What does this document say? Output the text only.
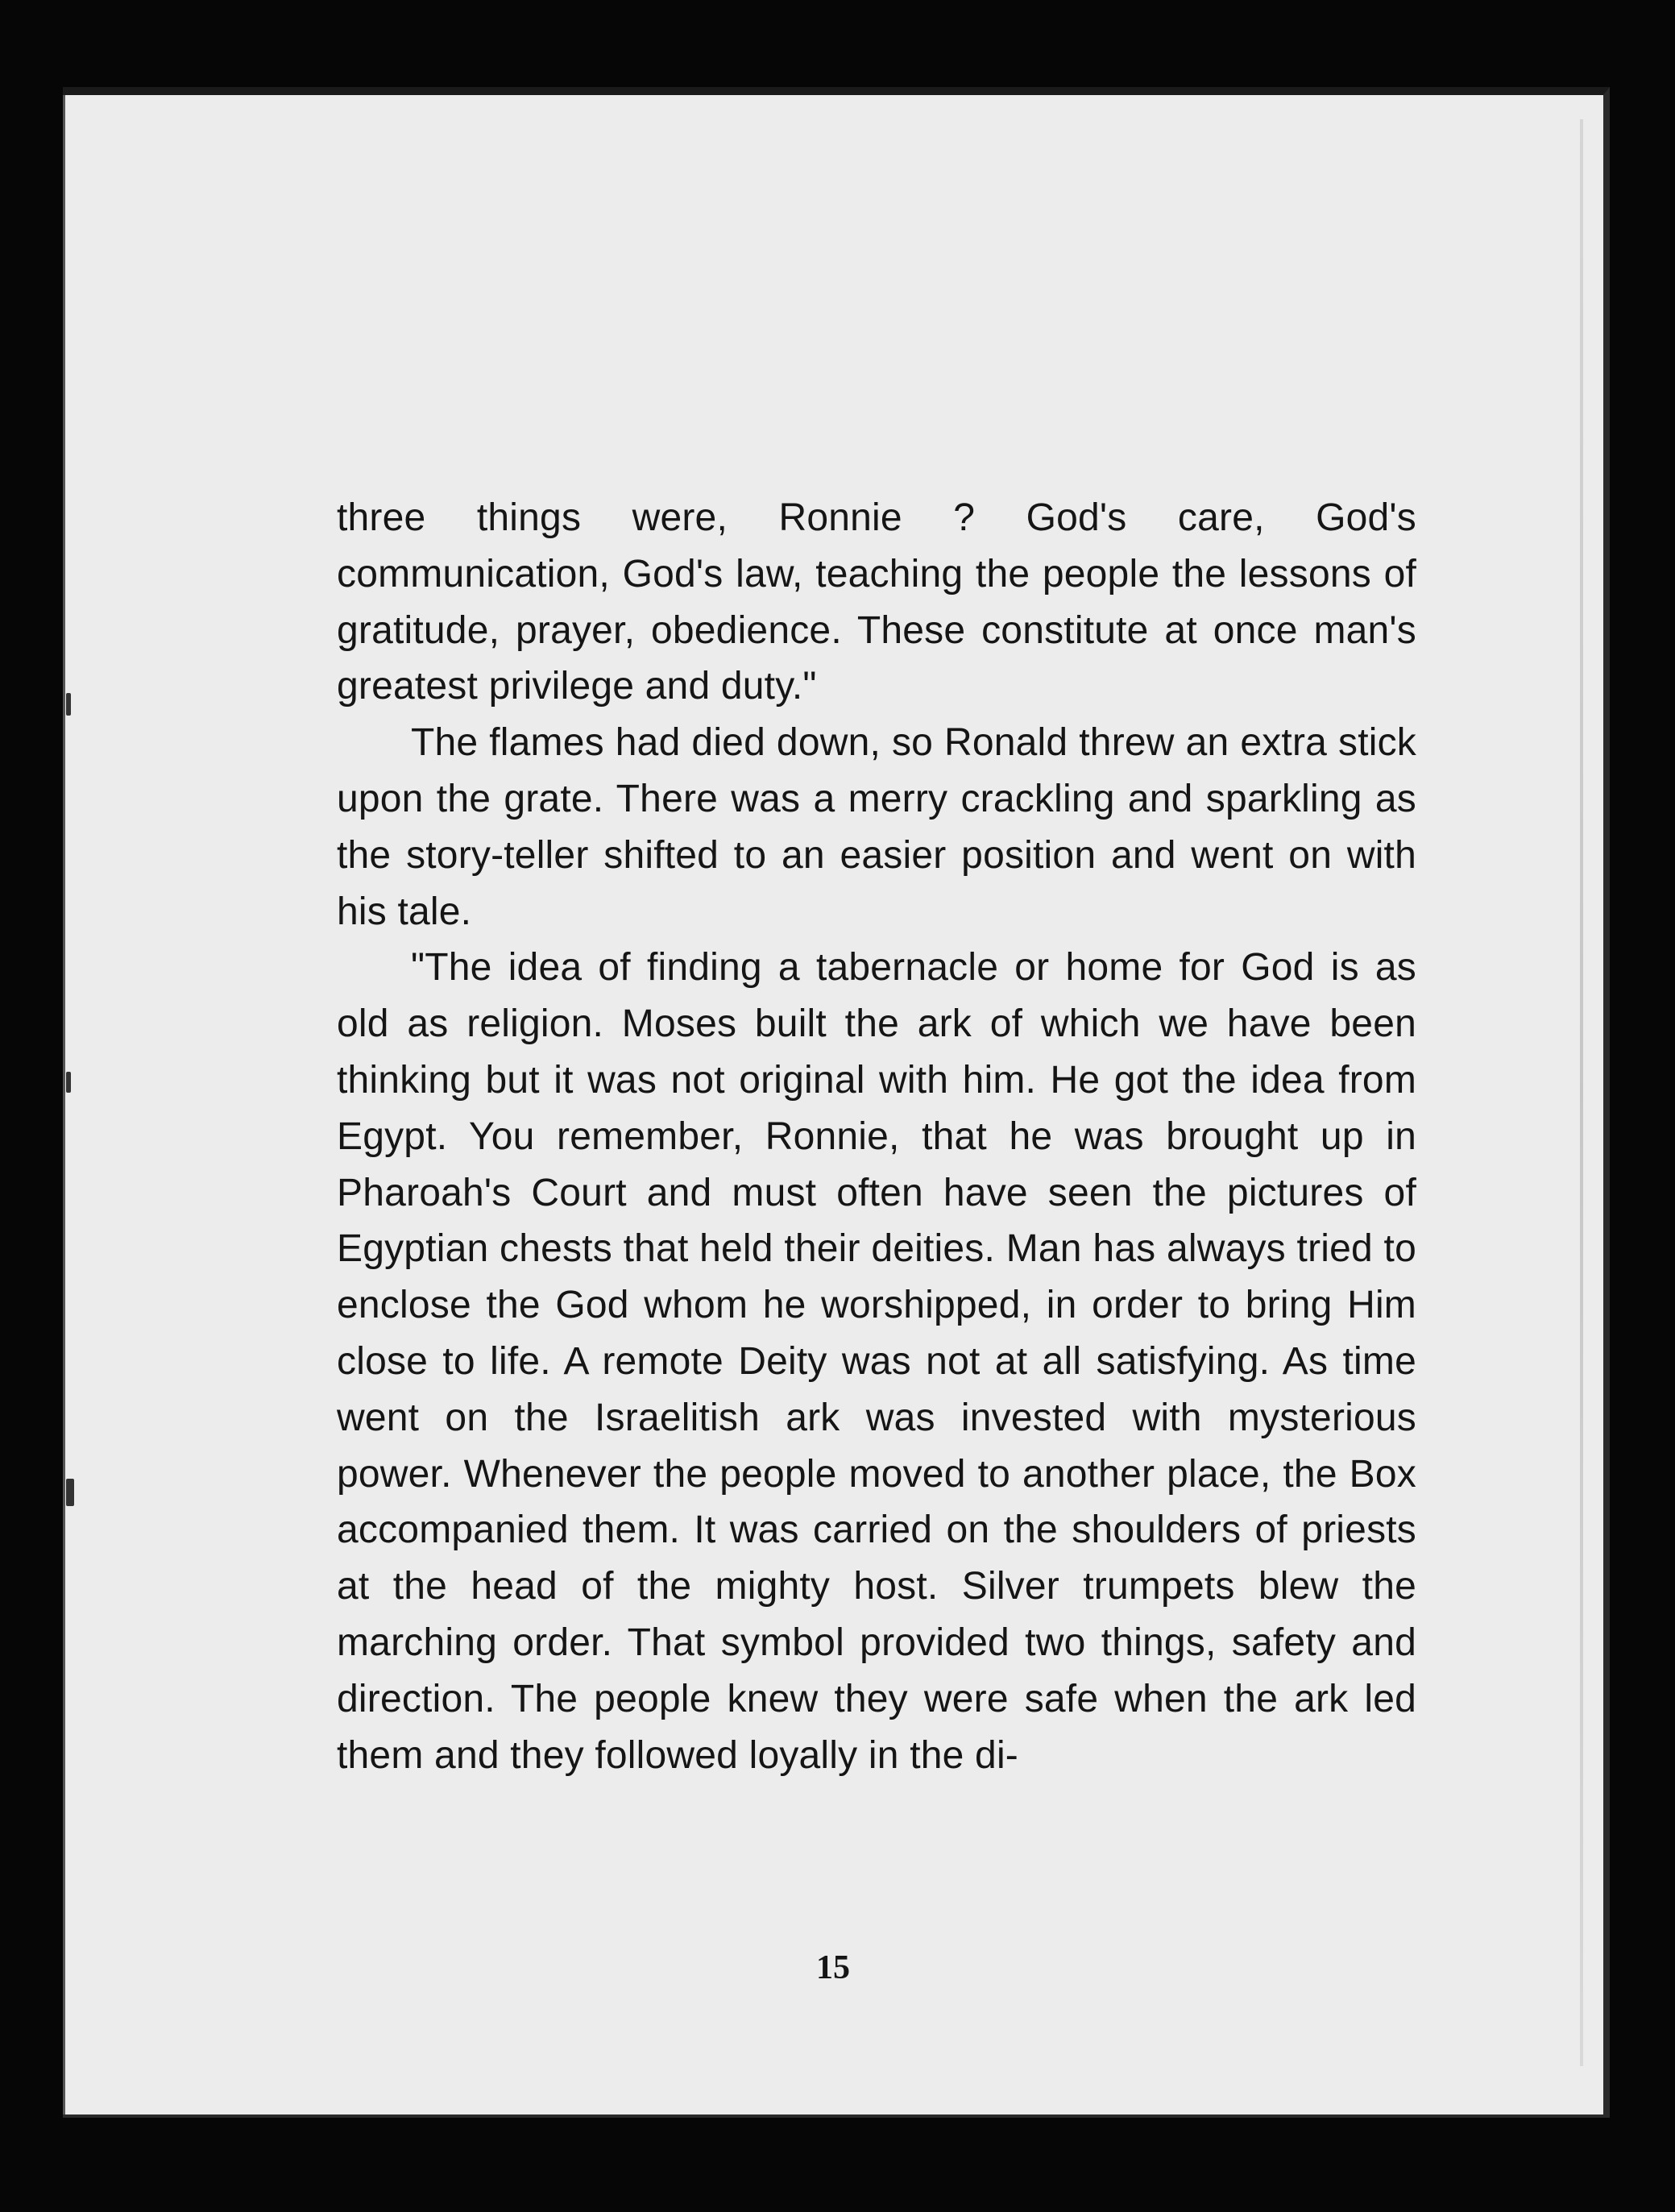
three things were, Ronnie ? God's care, God's communication, God's law, teaching the people the lessons of gratitude, prayer, obedience. These constitute at once man's greatest privilege and duty."

The flames had died down, so Ronald threw an extra stick upon the grate. There was a merry crackling and sparkling as the story-teller shifted to an easier position and went on with his tale.

"The idea of finding a tabernacle or home for God is as old as religion. Moses built the ark of which we have been thinking but it was not original with him. He got the idea from Egypt. You remember, Ronnie, that he was brought up in Pharoah's Court and must often have seen the pictures of Egyptian chests that held their deities. Man has always tried to enclose the God whom he worshipped, in order to bring Him close to life. A remote Deity was not at all satisfying. As time went on the Israelitish ark was invested with mysterious power. Whenever the people moved to another place, the Box accompanied them. It was carried on the shoulders of priests at the head of the mighty host. Silver trumpets blew the marching order. That symbol provided two things, safety and direction. The people knew they were safe when the ark led them and they followed loyally in the di-

15
